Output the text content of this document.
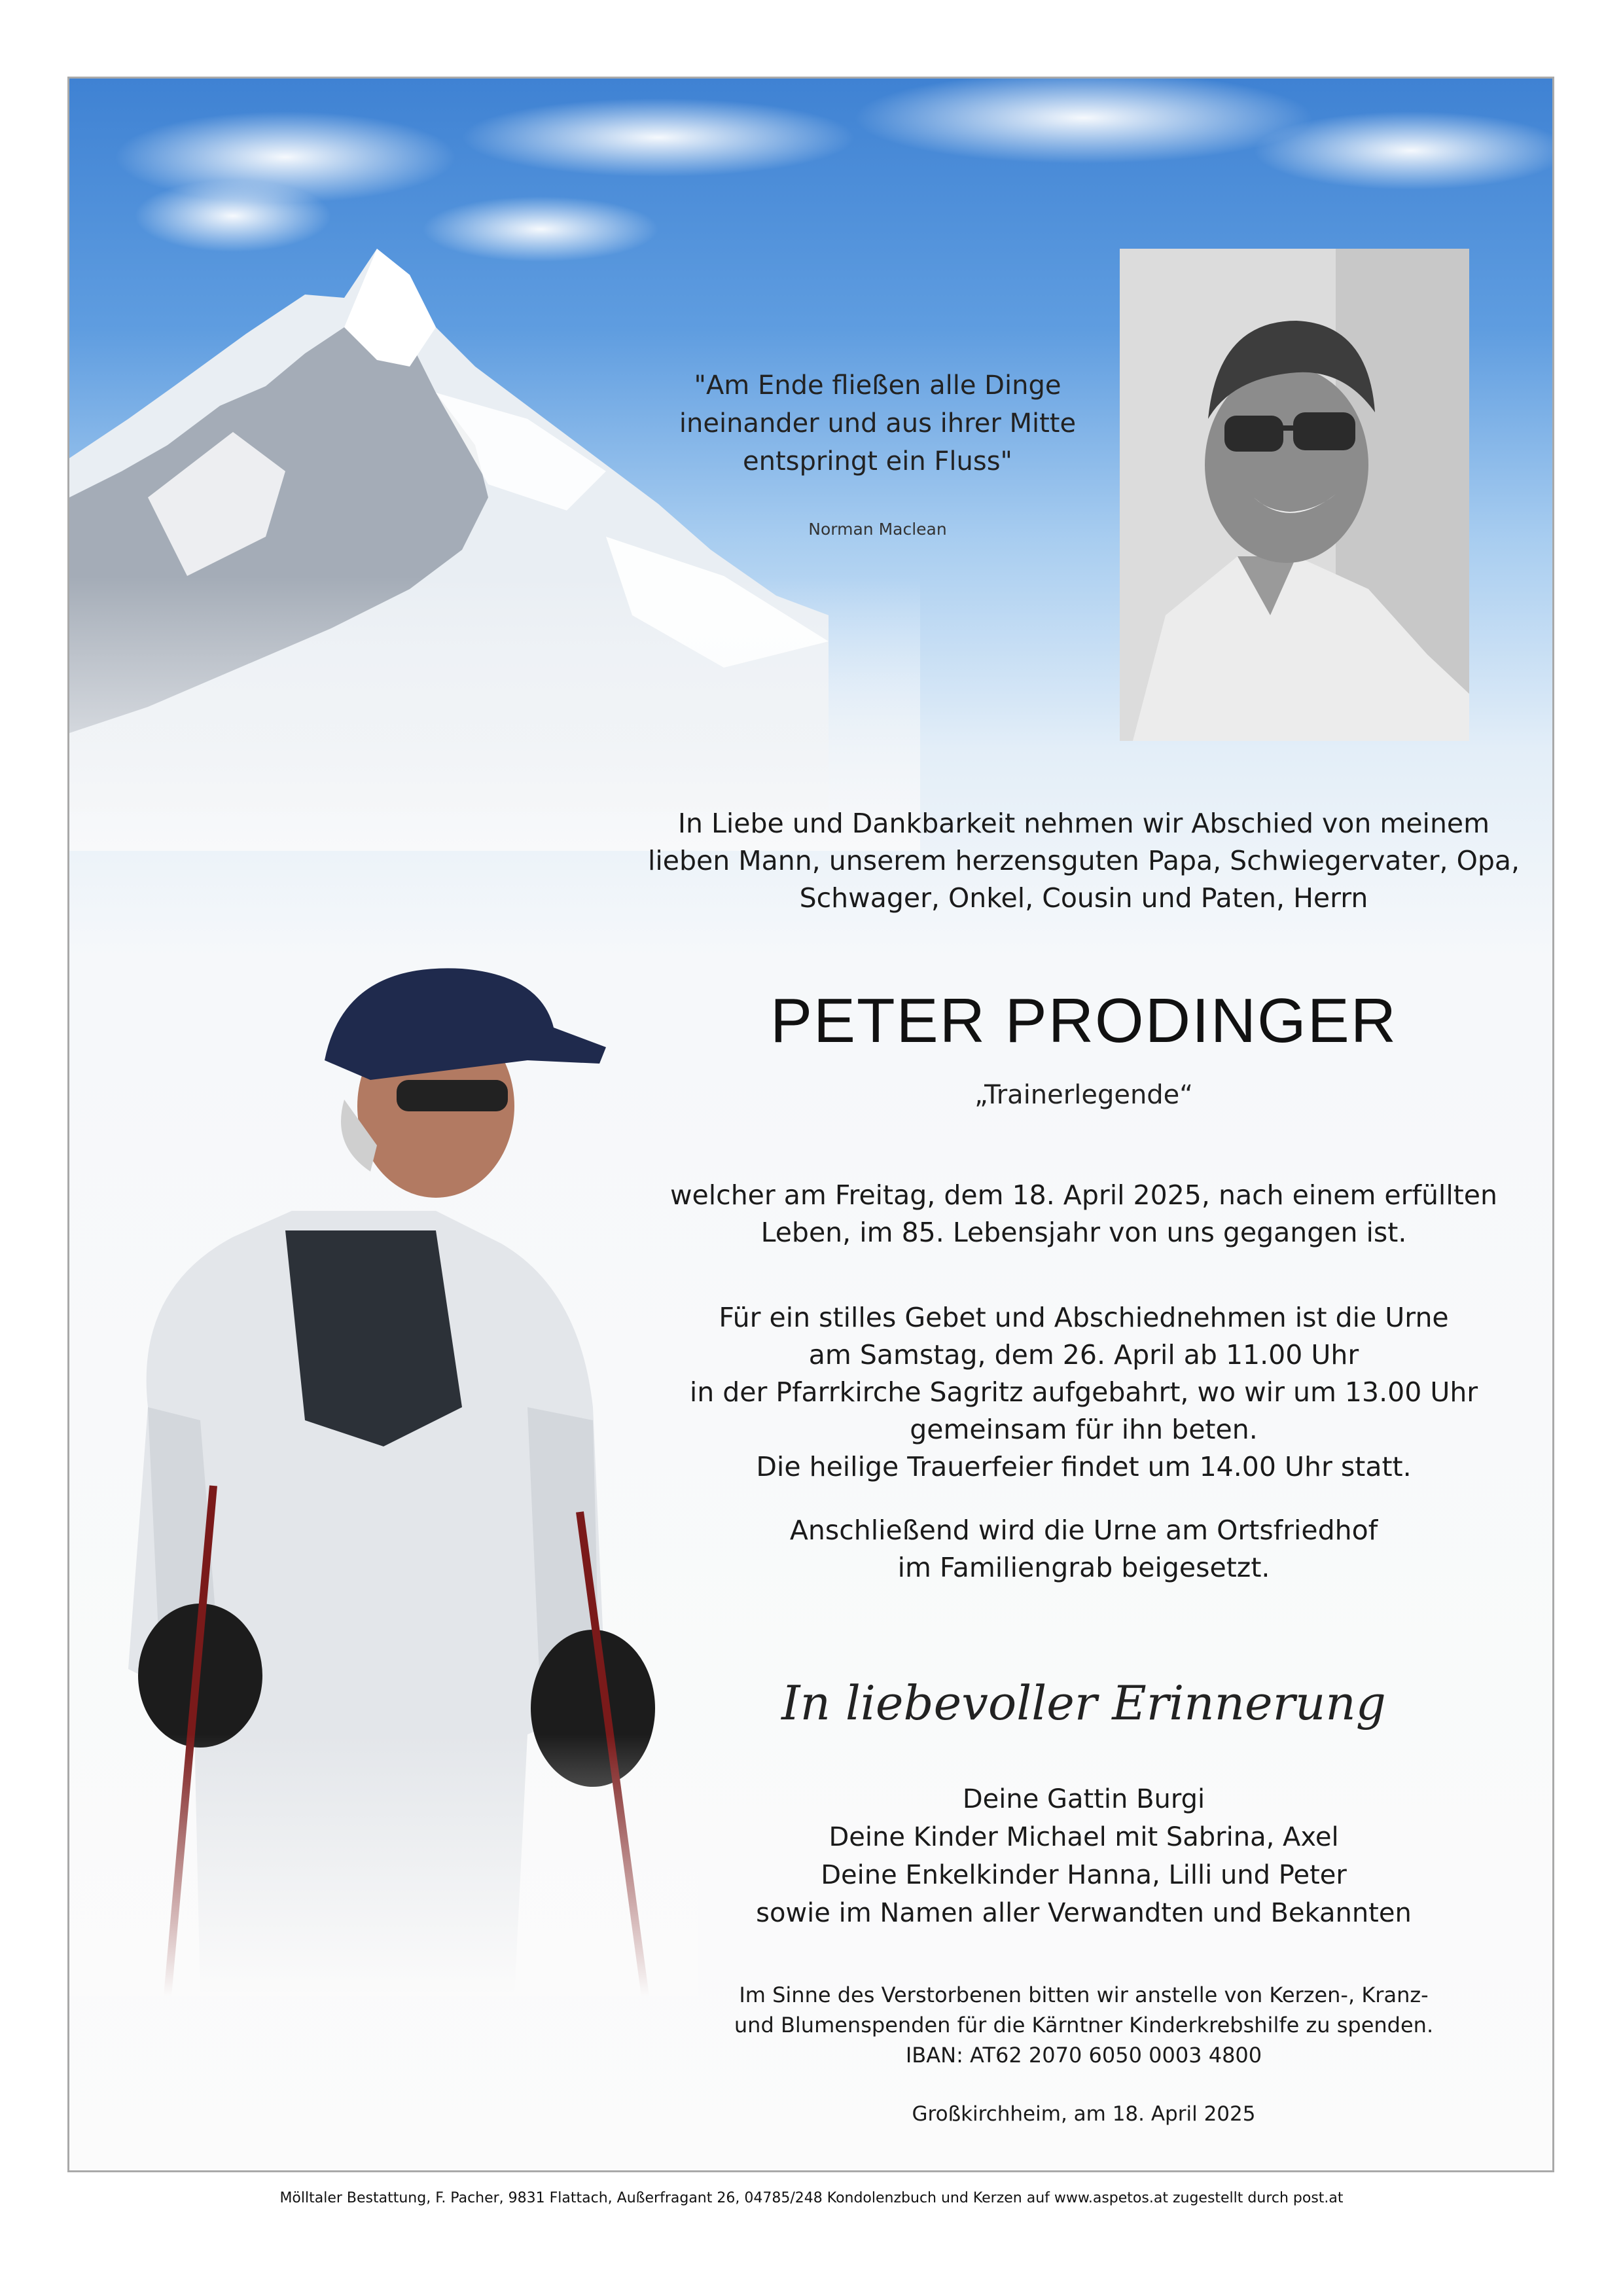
"Am Ende fließen alle Dinge
ineinander und aus ihrer Mitte
entspringt ein Fluss"
Norman Maclean
In Liebe und Dankbarkeit nehmen wir Abschied von meinem
lieben Mann, unserem herzensguten Papa, Schwiegervater, Opa,
Schwager, Onkel, Cousin und Paten, Herrn
PETER PRODINGER
„Trainerlegende“
welcher am Freitag, dem 18. April 2025, nach einem erfüllten
Leben, im 85. Lebensjahr von uns gegangen ist.
Für ein stilles Gebet und Abschiednehmen ist die Urne
am Samstag, dem 26. April ab 11.00 Uhr
in der Pfarrkirche Sagritz aufgebahrt, wo wir um 13.00 Uhr
gemeinsam für ihn beten.
Die heilige Trauerfeier findet um 14.00 Uhr statt.
Anschließend wird die Urne am Ortsfriedhof
im Familiengrab beigesetzt.
In liebevoller Erinnerung
Deine Gattin Burgi
Deine Kinder Michael mit Sabrina, Axel
Deine Enkelkinder Hanna, Lilli und Peter
sowie im Namen aller Verwandten und Bekannten
Im Sinne des Verstorbenen bitten wir anstelle von Kerzen-, Kranz-
und Blumenspenden für die Kärntner Kinderkrebshilfe zu spenden.
IBAN: AT62 2070 6050 0003 4800
Großkirchheim, am 18. April 2025
Mölltaler Bestattung, F. Pacher, 9831 Flattach, Außerfragant 26, 04785/248 Kondolenzbuch und Kerzen auf www.aspetos.at zugestellt durch post.at
